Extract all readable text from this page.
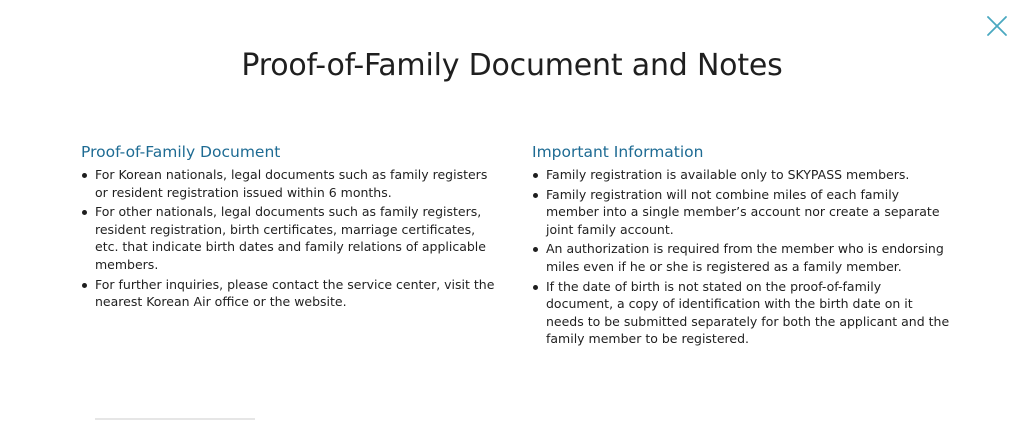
Proof-of-Family Document and Notes
Proof-of-Family Document
For Korean nationals, legal documents such as family registers or resident registration issued within 6 months.
For other nationals, legal documents such as family registers, resident registration, birth certificates, marriage certificates, etc. that indicate birth dates and family relations of applicable members.
For further inquiries, please contact the service center, visit the nearest Korean Air office or the website.
Important Information
Family registration is available only to SKYPASS members.
Family registration will not combine miles of each family member into a single member’s account nor create a separate joint family account.
An authorization is required from the member who is endorsing miles even if he or she is registered as a family member.
If the date of birth is not stated on the proof-of-family document, a copy of identification with the birth date on it needs to be submitted separately for both the applicant and the family member to be registered.
